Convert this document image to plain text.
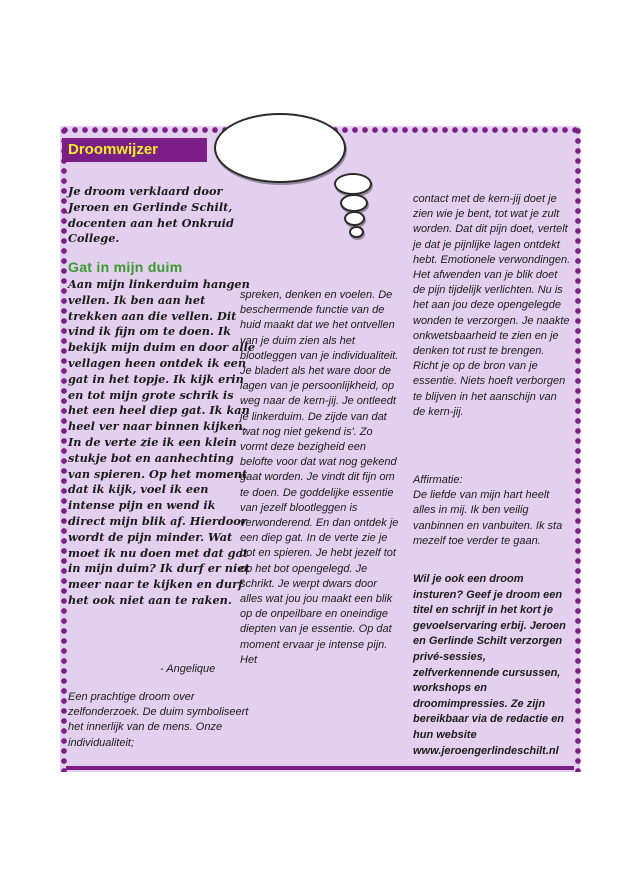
Droomwijzer
Je droom verklaard door Jeroen en Gerlinde Schilt, docenten aan het Onkruid College.
Gat in mijn duim
Aan mijn linkerduim hangen vellen. Ik ben aan het trekken aan die vellen. Dit vind ik fijn om te doen. Ik bekijk mijn duim en door alle vellagen heen ontdek ik een gat in het topje. Ik kijk erin en tot mijn grote schrik is het een heel diep gat. Ik kan heel ver naar binnen kijken. In de verte zie ik een klein stukje bot en aanhechting van spieren. Op het moment dat ik kijk, voel ik een intense pijn en wend ik direct mijn blik af. Hierdoor wordt de pijn minder. Wat moet ik nu doen met dat gat in mijn duim? Ik durf er niet meer naar te kijken en durf het ook niet aan te raken.
- Angelique
Een prachtige droom over zelfonderzoek. De duim symboliseert het innerlijk van de mens. Onze individualiteit;
spreken, denken en voelen. De beschermende functie van de huid maakt dat we het ontvellen van je duim zien als het blootleggen van je individualiteit. Je bladert als het ware door de lagen van je persoonlijkheid, op weg naar de kern-jij. Je ontleedt je linkerduim. De zijde van dat 'wat nog niet gekend is'. Zo vormt deze bezigheid een belofte voor dat wat nog gekend gaat worden. Je vindt dit fijn om te doen. De goddelijke essentie van jezelf blootleggen is verwonderend. En dan ontdek je een diep gat. In de verte zie je bot en spieren. Je hebt jezelf tot op het bot opengelegd. Je schrikt. Je werpt dwars door alles wat jou jou maakt een blik op de onpeilbare en oneindige diepten van je essentie. Op dat moment ervaar je intense pijn. Het
contact met de kern-jij doet je zien wie je bent, tot wat je zult worden. Dat dit pijn doet, vertelt je dat je pijnlijke lagen ontdekt hebt. Emotionele verwondingen. Het afwenden van je blik doet de pijn tijdelijk verlichten. Nu is het aan jou deze opengelegde wonden te verzorgen. Je naakte onkwetsbaarheid te zien en je denken tot rust te brengen. Richt je op de bron van je essentie. Niets hoeft verborgen te blijven in het aanschijn van de kern-jij.

Affirmatie:

De liefde van mijn hart heelt alles in mij. Ik ben veilig vanbinnen en vanbuiten. Ik sta mezelf toe verder te gaan.

Wil je ook een droom insturen? Geef je droom een titel en schrijf in het kort je gevoelservaring erbij. Jeroen en Gerlinde Schilt verzorgen privé-sessies, zelfverkennende cursussen, workshops en droomimpressies. Ze zijn bereikbaar via de redactie en hun website www.jeroengerlindeschilt.nl
